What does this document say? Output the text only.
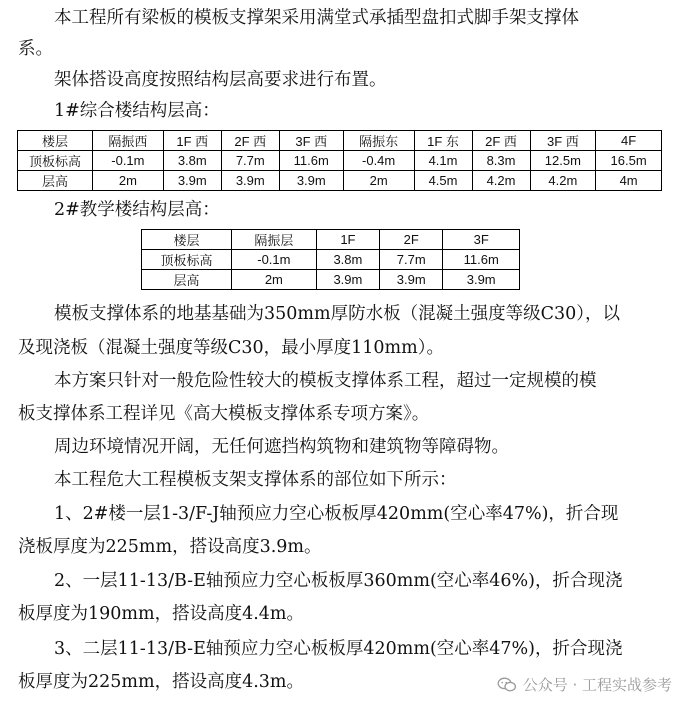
本工程所有梁板的模板支撑架采用满堂式承插型盘扣式脚手架支撑体
系。
架体搭设高度按照结构层高要求进行布置。
1#综合楼结构层高：
楼层	隔振西	1F 西	2F 西	3F 西	隔振东	1F 东	2F 西	3F 西	4F
顶板标高	-0.1m	3.8m	7.7m	11.6m	-0.4m	4.1m	8.3m	12.5m	16.5m
层高	2m	3.9m	3.9m	3.9m	2m	4.5m	4.2m	4.2m	4m
2#教学楼结构层高：
楼层	隔振层	1F	2F	3F
顶板标高	-0.1m	3.8m	7.7m	11.6m
层高	2m	3.9m	3.9m	3.9m
模板支撑体系的地基基础为350mm厚防水板（混凝土强度等级C30），以
及现浇板（混凝土强度等级C30，最小厚度110mm）。
本方案只针对一般危险性较大的模板支撑体系工程，超过一定规模的模
板支撑体系工程详见《高大模板支撑体系专项方案》。
周边环境情况开阔，无任何遮挡构筑物和建筑物等障碍物。
本工程危大工程模板支架支撑体系的部位如下所示：
1、2#楼一层1-3/F-J轴预应力空心板板厚420mm(空心率47%)，折合现
浇板厚度为225mm，搭设高度3.9m。
2、一层11-13/B-E轴预应力空心板板厚360mm(空心率46%)，折合现浇
板厚度为190mm，搭设高度4.4m。
3、二层11-13/B-E轴预应力空心板板厚420mm(空心率47%)，折合现浇
板厚度为225mm，搭设高度4.3m。	公众号 · 工程实战参考
